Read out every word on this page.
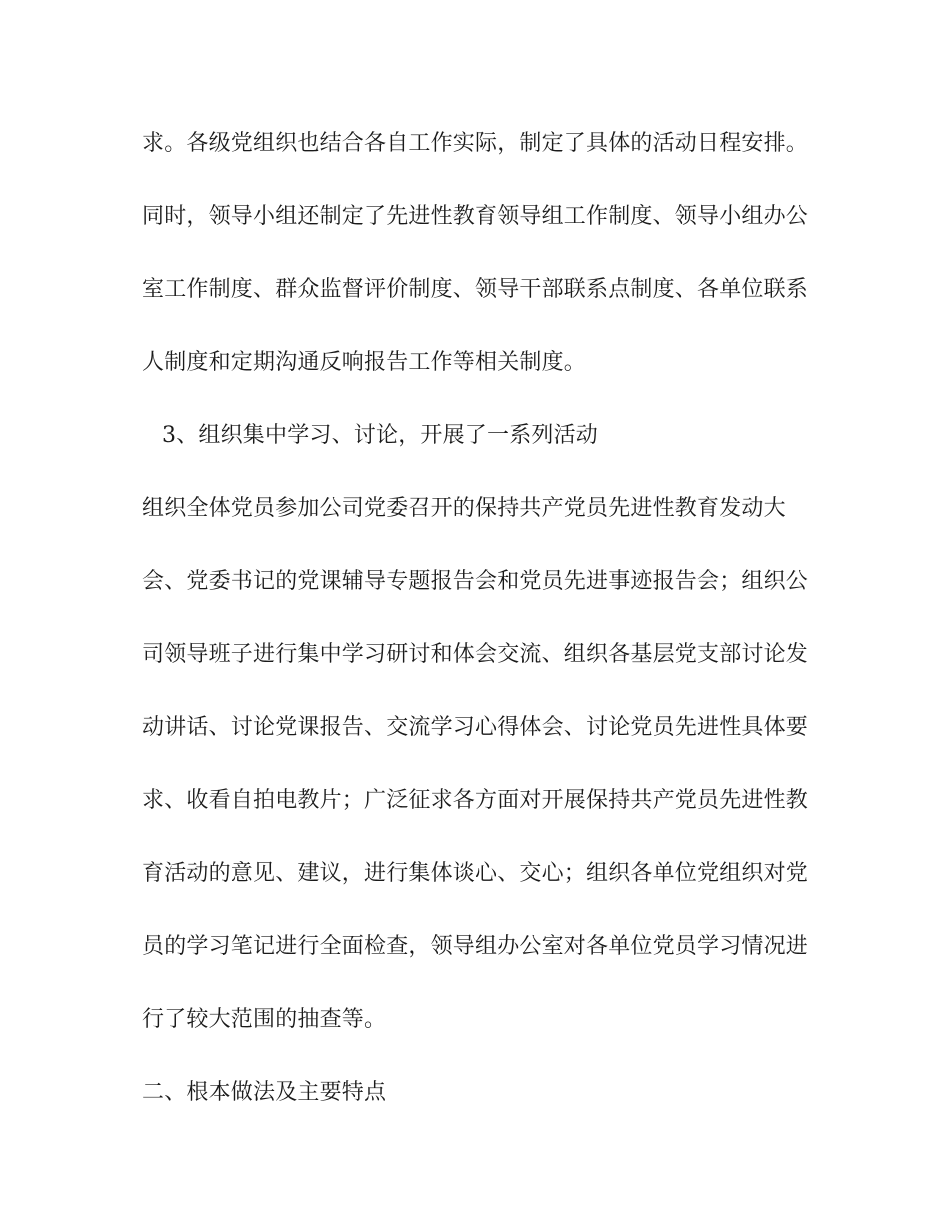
求。各级党组织也结合各自工作实际，制定了具体的活动日程安排。
同时，领导小组还制定了先进性教育领导组工作制度、领导小组办公
室工作制度、群众监督评价制度、领导干部联系点制度、各单位联系
人制度和定期沟通反响报告工作等相关制度。
3、组织集中学习、讨论，开展了一系列活动
组织全体党员参加公司党委召开的保持共产党员先进性教育发动大
会、党委书记的党课辅导专题报告会和党员先进事迹报告会；组织公
司领导班子进行集中学习研讨和体会交流、组织各基层党支部讨论发
动讲话、讨论党课报告、交流学习心得体会、讨论党员先进性具体要
求、收看自拍电教片；广泛征求各方面对开展保持共产党员先进性教
育活动的意见、建议，进行集体谈心、交心；组织各单位党组织对党
员的学习笔记进行全面检查，领导组办公室对各单位党员学习情况进
行了较大范围的抽查等。
二、根本做法及主要特点
